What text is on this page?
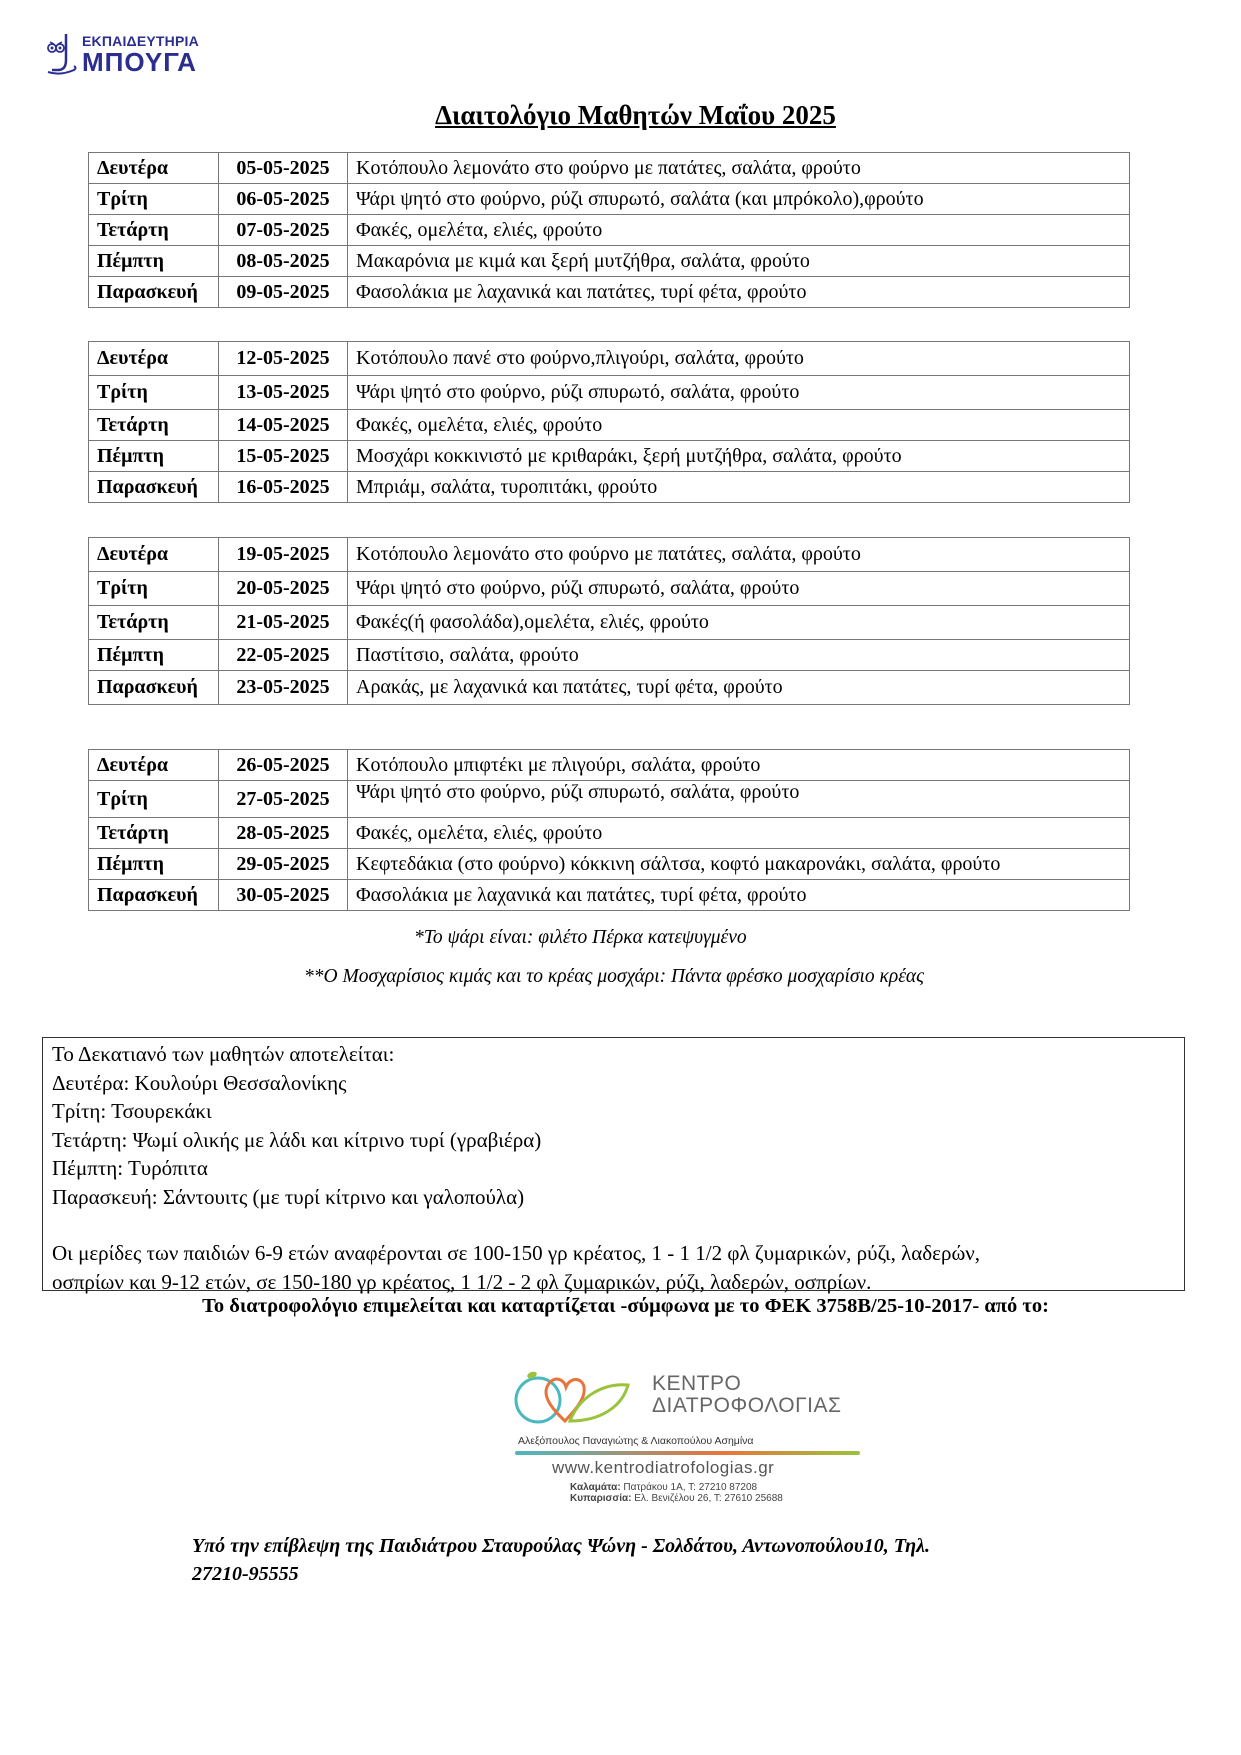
ΕΚΠΑΙΔΕΥΤΗΡΙΑ
ΜΠΟΥΓΑ
Διαιτολόγιο Μαθητών Μαΐου 2025
Δευτέρα	05-05-2025	Κοτόπουλο λεμονάτο στο φούρνο με πατάτες, σαλάτα, φρούτο
Τρίτη	06-05-2025	Ψάρι ψητό στο φούρνο, ρύζι σπυρωτό, σαλάτα (και μπρόκολο),φρούτο
Τετάρτη	07-05-2025	Φακές, ομελέτα, ελιές, φρούτο
Πέμπτη	08-05-2025	Μακαρόνια με κιμά και ξερή μυτζήθρα, σαλάτα, φρούτο
Παρασκευή	09-05-2025	Φασολάκια με λαχανικά και πατάτες, τυρί φέτα, φρούτο
Δευτέρα	12-05-2025	Κοτόπουλο πανέ στο φούρνο,πλιγούρι, σαλάτα, φρούτο
Τρίτη	13-05-2025	Ψάρι ψητό στο φούρνο, ρύζι σπυρωτό, σαλάτα, φρούτο
Τετάρτη	14-05-2025	Φακές, ομελέτα, ελιές, φρούτο
Πέμπτη	15-05-2025	Μοσχάρι κοκκινιστό με κριθαράκι, ξερή μυτζήθρα, σαλάτα, φρούτο
Παρασκευή	16-05-2025	Μπριάμ, σαλάτα, τυροπιτάκι, φρούτο
Δευτέρα	19-05-2025	Κοτόπουλο λεμονάτο στο φούρνο με πατάτες, σαλάτα, φρούτο
Τρίτη	20-05-2025	Ψάρι ψητό στο φούρνο, ρύζι σπυρωτό, σαλάτα, φρούτο
Τετάρτη	21-05-2025	Φακές(ή φασολάδα),ομελέτα, ελιές, φρούτο
Πέμπτη	22-05-2025	Παστίτσιο, σαλάτα, φρούτο
Παρασκευή	23-05-2025	Αρακάς, με λαχανικά και πατάτες, τυρί φέτα, φρούτο
Δευτέρα	26-05-2025	Κοτόπουλο μπιφτέκι με πλιγούρι, σαλάτα, φρούτο
Τρίτη	27-05-2025	Ψάρι ψητό στο φούρνο, ρύζι σπυρωτό, σαλάτα, φρούτο
Τετάρτη	28-05-2025	Φακές, ομελέτα, ελιές, φρούτο
Πέμπτη	29-05-2025	Κεφτεδάκια (στο φούρνο) κόκκινη σάλτσα, κοφτό μακαρονάκι, σαλάτα, φρούτο
Παρασκευή	30-05-2025	Φασολάκια με λαχανικά και πατάτες, τυρί φέτα, φρούτο
*Το ψάρι είναι: φιλέτο Πέρκα κατεψυγμένο
**Ο Μοσχαρίσιος κιμάς και το κρέας μοσχάρι: Πάντα φρέσκο μοσχαρίσιο κρέας

Το Δεκατιανό των μαθητών αποτελείται:

Δευτέρα: Κουλούρι Θεσσαλονίκης

Τρίτη: Τσουρεκάκι

Τετάρτη: Ψωμί ολικής με λάδι και κίτρινο τυρί (γραβιέρα)

Πέμπτη: Τυρόπιτα

Παρασκευή: Σάντουιτς (με τυρί κίτρινο και γαλοπούλα)

Οι μερίδες των παιδιών 6-9 ετών αναφέρονται σε 100-150 γρ κρέατος, 1 - 1 1/2 φλ ζυμαρικών, ρύζι, λαδερών,

οσπρίων και 9-12 ετών, σε 150-180 γρ κρέατος, 1 1/2 - 2 φλ ζυμαρικών, ρύζι, λαδερών, οσπρίων.

Το διατροφολόγιο επιμελείται και καταρτίζεται -σύμφωνα με το ΦΕΚ 3758Β/25-10-2017- από το:
ΚΕΝΤΡΟ
ΔΙΑΤΡΟΦΟΛΟΓΙΑΣ
Αλεξόπουλος Παναγιώτης & Λιακοπούλου Ασημίνα
www.kentrodiatrofologias.gr
Καλαμάτα: Πατράκου 1Α, Τ: 27210 87208
Κυπαρισσία: Ελ. Βενιζέλου 26, Τ: 27610 25688
Υπό την επίβλεψη της Παιδιάτρου Σταυρούλας Ψώνη - Σολδάτου, Αντωνοπούλου10, Τηλ.
27210-95555
